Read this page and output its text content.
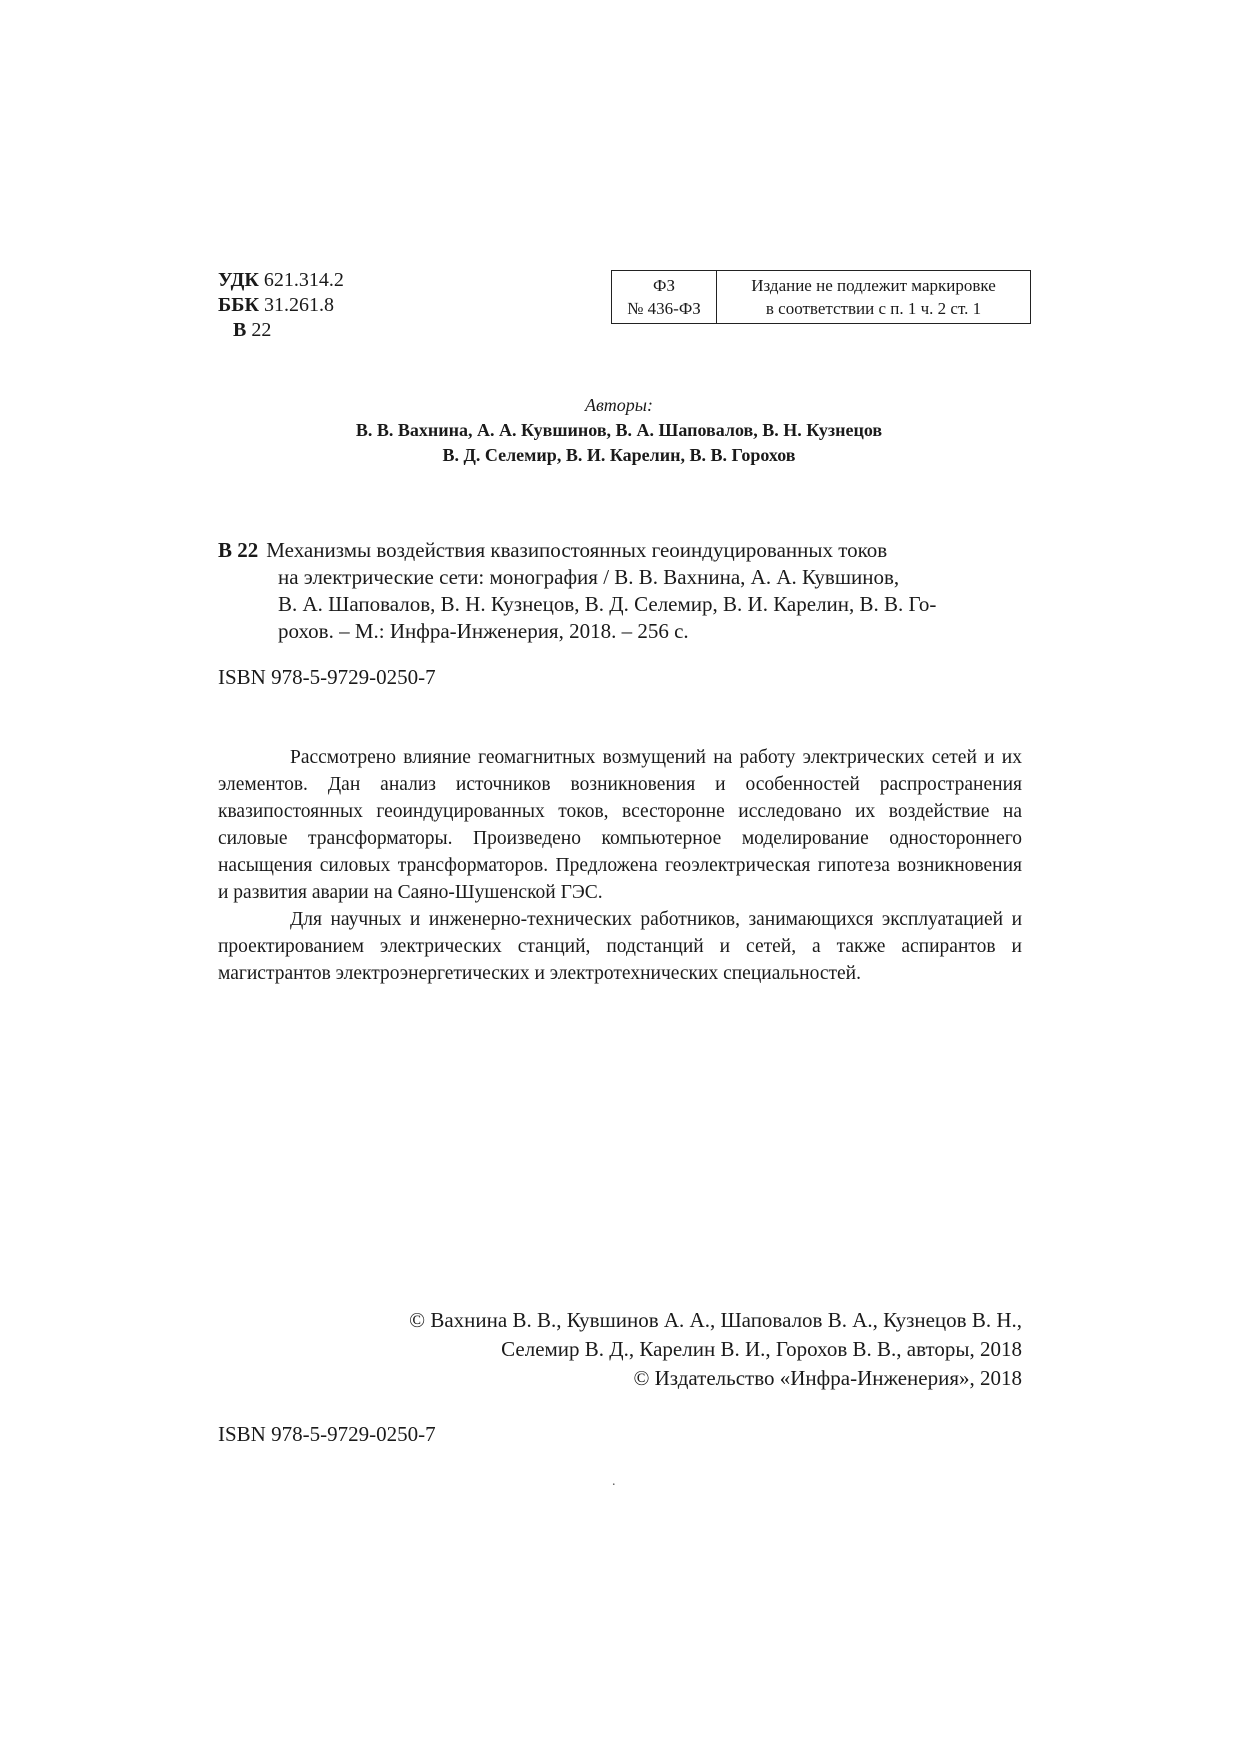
УДК 621.314.2
ББК 31.261.8
В 22
ФЗ
№ 436-ФЗ
Издание не подлежит маркировке
в соответствии с п. 1 ч. 2 ст. 1
Авторы:
В. В. Вахнина, А. А. Кувшинов, В. А. Шаповалов, В. Н. Кузнецов
В. Д. Селемир, В. И. Карелин, В. В. Горохов
В 22 Механизмы воздействия квазипостоянных геоиндуцированных токов
на электрические сети: монография / В. В. Вахнина, А. А. Кувшинов,
В. А. Шаповалов, В. Н. Кузнецов, В. Д. Селемир, В. И. Карелин, В. В. Го-
рохов. – М.: Инфра-Инженерия, 2018. – 256 с.
ISBN 978-5-9729-0250-7

Рассмотрено влияние геомагнитных возмущений на работу электрических сетей и их элементов. Дан анализ источников возникновения и особенностей распространения квазипостоянных геоиндуцированных токов, всесторонне исследовано их воздействие на силовые трансформаторы. Произведено компьютерное моделирование одностороннего насыщения силовых трансформаторов. Предложена геоэлектрическая гипотеза возникновения и развития аварии на Саяно-Шушенской ГЭС.

Для научных и инженерно-технических работников, занимающихся эксплуатацией и проектированием электрических станций, подстанций и сетей, а также аспирантов и магистрантов электроэнергетических и электротехнических специальностей.

© Вахнина В. В., Кувшинов А. А., Шаповалов В. А., Кузнецов В. Н.,
Селемир В. Д., Карелин В. И., Горохов В. В., авторы, 2018
© Издательство «Инфра-Инженерия», 2018
ISBN 978-5-9729-0250-7
.
